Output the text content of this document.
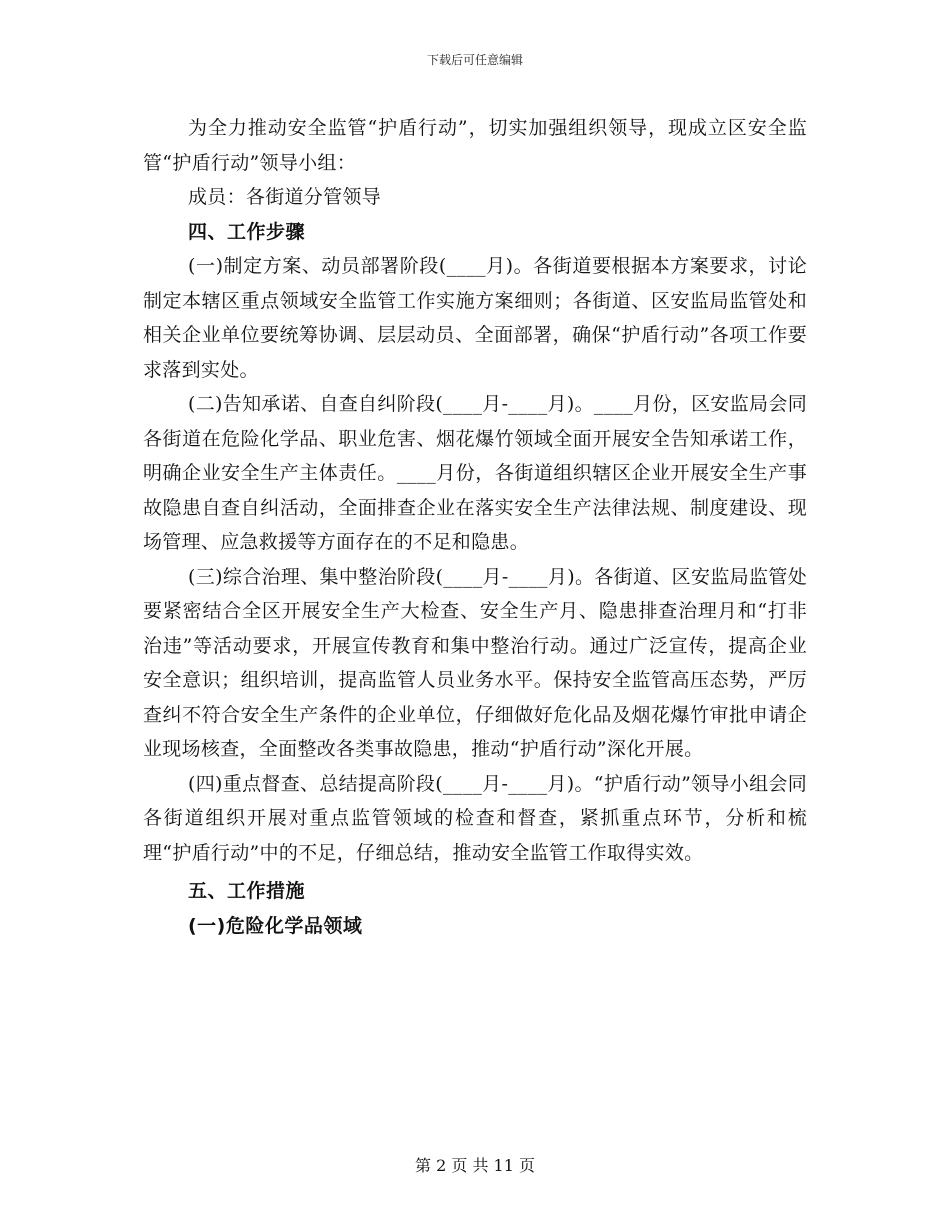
下载后可任意编辑

为全力推动安全监管“护盾行动”，切实加强组织领导，现成立区安全监管“护盾行动”领导小组：

成员：各街道分管领导

四、工作步骤

(一)制定方案、动员部署阶段(____月)。各街道要根据本方案要求，讨论制定本辖区重点领域安全监管工作实施方案细则；各街道、区安监局监管处和相关企业单位要统筹协调、层层动员、全面部署，确保“护盾行动”各项工作要求落到实处。

(二)告知承诺、自查自纠阶段(____月-____月)。____月份，区安监局会同各街道在危险化学品、职业危害、烟花爆竹领域全面开展安全告知承诺工作，明确企业安全生产主体责任。____月份，各街道组织辖区企业开展安全生产事故隐患自查自纠活动，全面排查企业在落实安全生产法律法规、制度建设、现场管理、应急救援等方面存在的不足和隐患。

(三)综合治理、集中整治阶段(____月-____月)。各街道、区安监局监管处要紧密结合全区开展安全生产大检查、安全生产月、隐患排查治理月和“打非治违”等活动要求，开展宣传教育和集中整治行动。通过广泛宣传，提高企业安全意识；组织培训，提高监管人员业务水平。保持安全监管高压态势，严厉查纠不符合安全生产条件的企业单位，仔细做好危化品及烟花爆竹审批申请企业现场核查，全面整改各类事故隐患，推动“护盾行动”深化开展。

(四)重点督查、总结提高阶段(____月-____月)。“护盾行动”领导小组会同各街道组织开展对重点监管领域的检查和督查，紧抓重点环节，分析和梳理“护盾行动”中的不足，仔细总结，推动安全监管工作取得实效。

五、工作措施

(一)危险化学品领域

第 2 页 共 11 页
